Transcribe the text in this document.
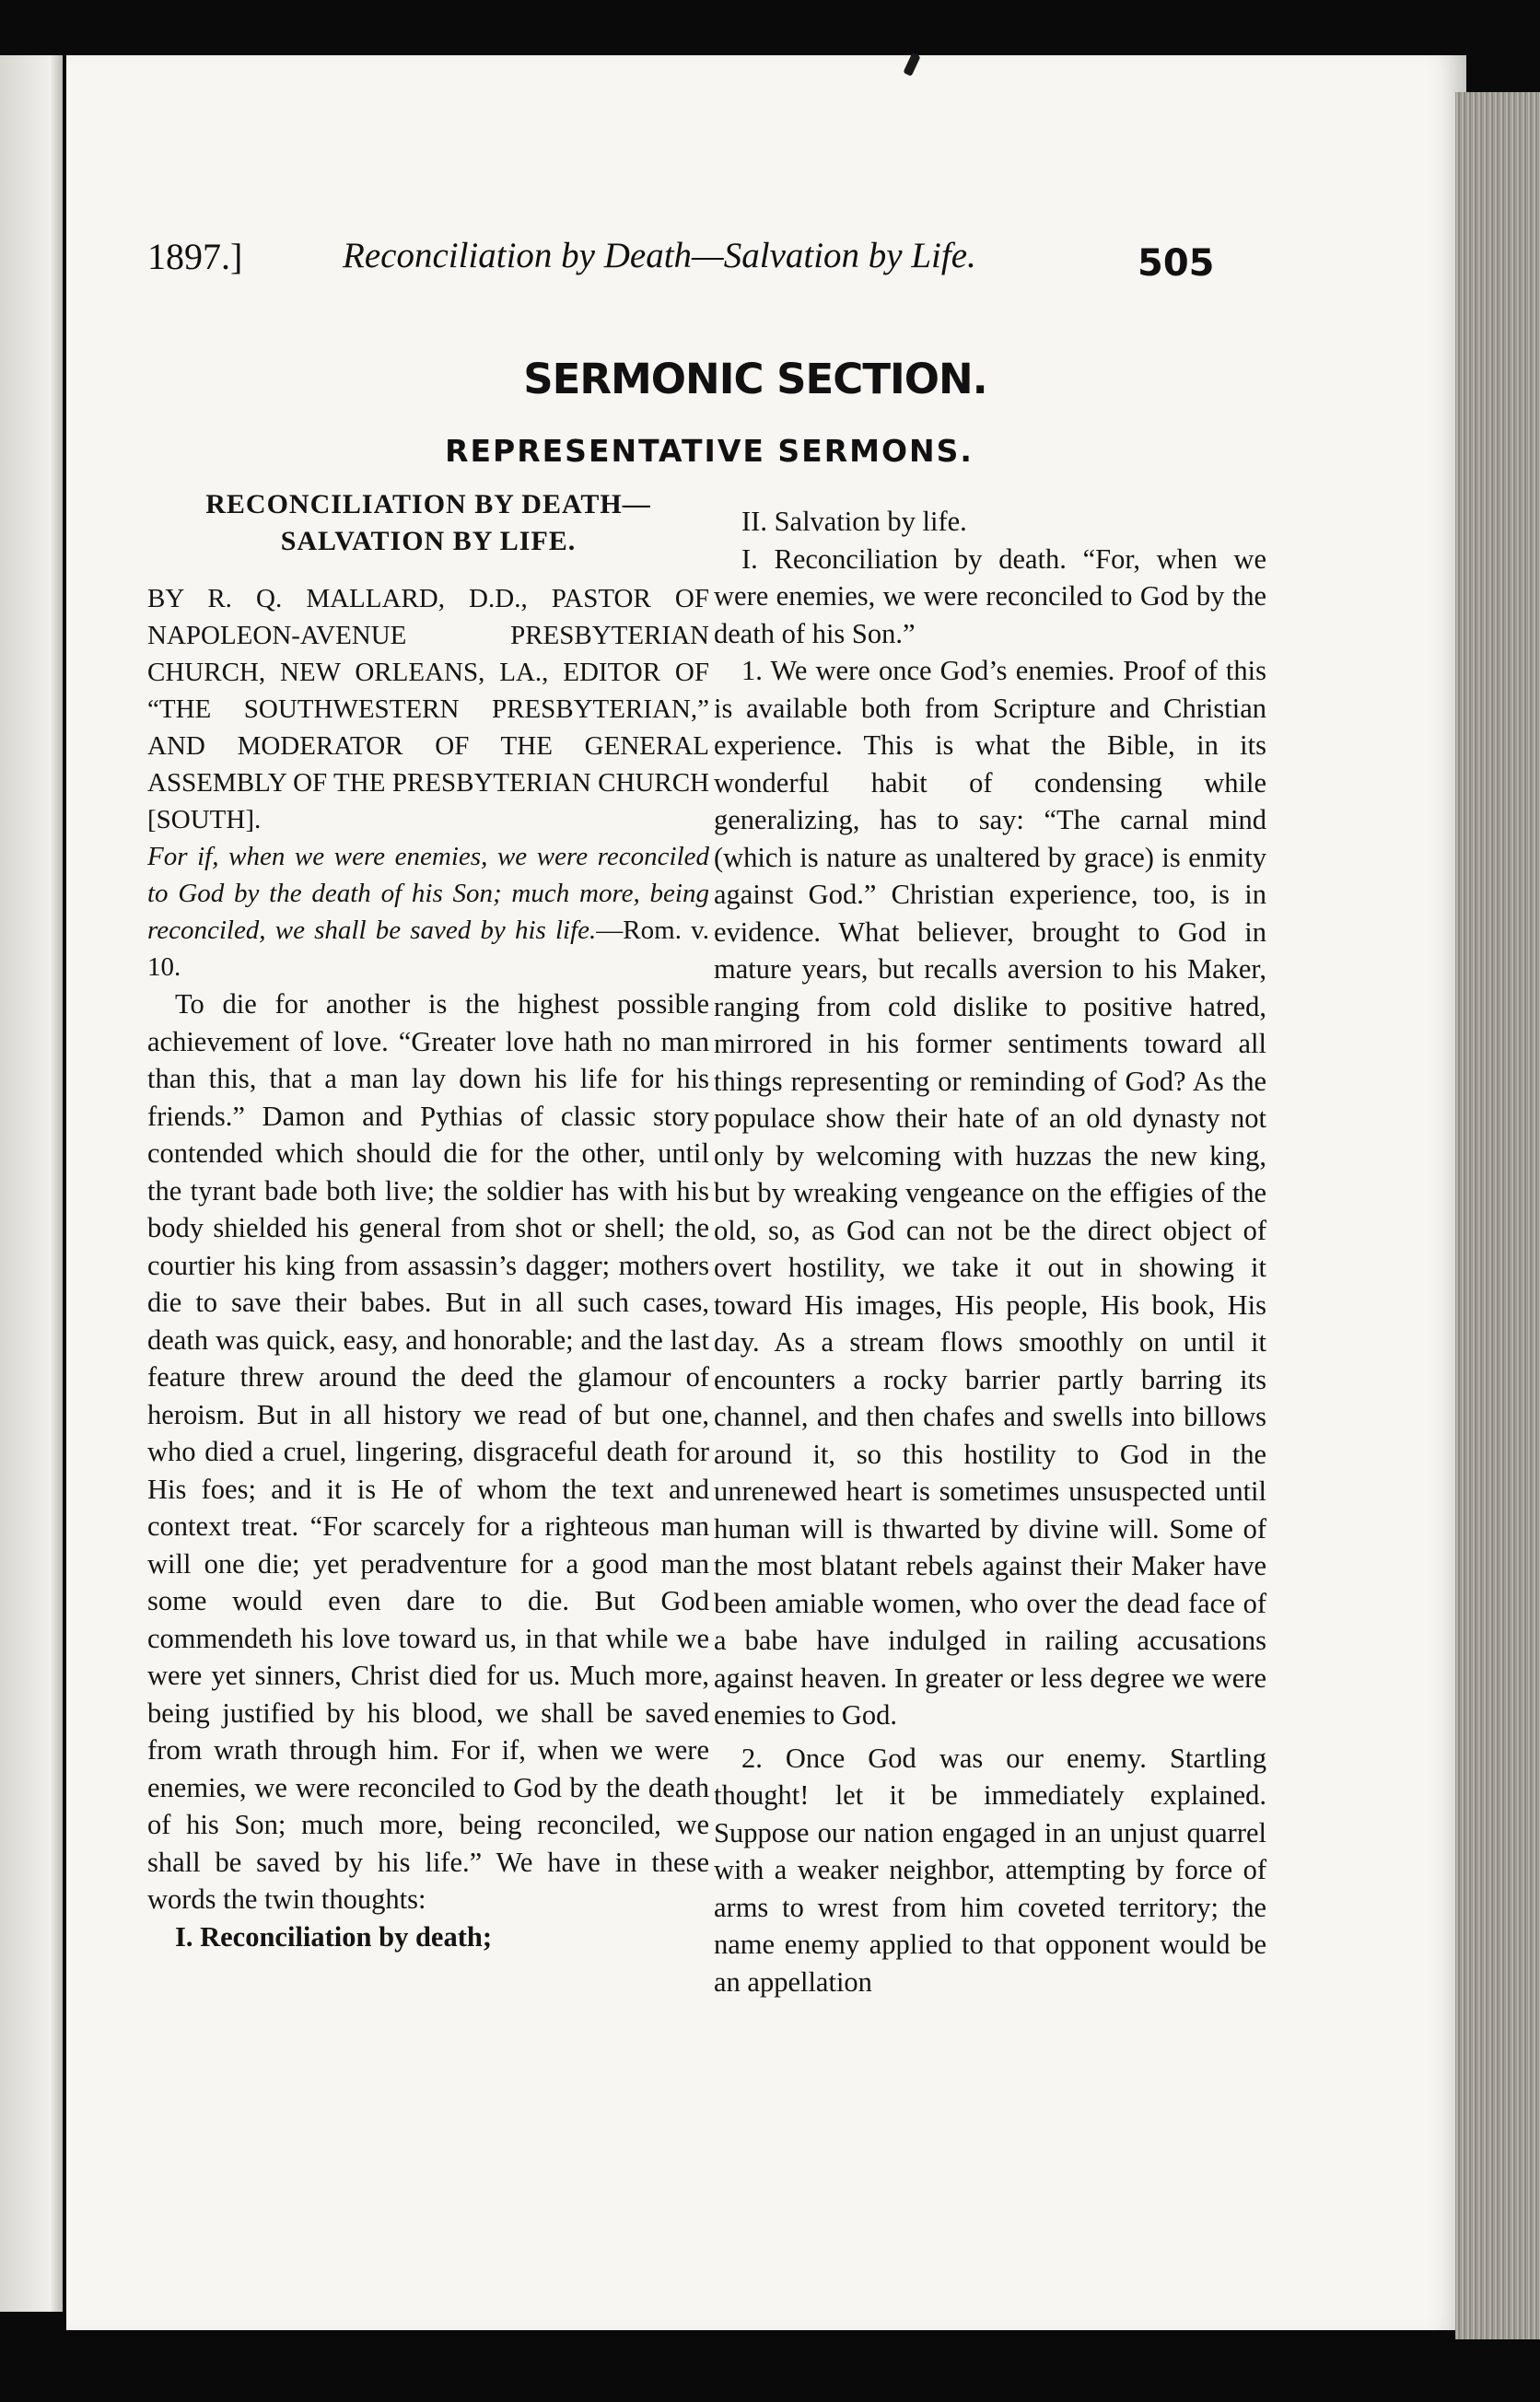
1897.]	Reconciliation by Death—Salvation by Life.	505
SERMONIC SECTION.
REPRESENTATIVE SERMONS.
RECONCILIATION BY DEATH—
SALVATION BY LIFE.

BY R. Q. MALLARD, D.D., PASTOR OF NAPOLEON-AVENUE PRESBYTERIAN CHURCH, NEW ORLEANS, LA., EDITOR OF “THE SOUTHWESTERN PRESBYTERIAN,” AND MODERATOR OF THE GENERAL ASSEMBLY OF THE PRESBYTERIAN CHURCH [SOUTH].

For if, when we were enemies, we were reconciled to God by the death of his Son; much more, being reconciled, we shall be saved by his life.—Rom. v. 10.

To die for another is the highest possible achievement of love. “Greater love hath no man than this, that a man lay down his life for his friends.” Damon and Pythias of classic story contended which should die for the other, until the tyrant bade both live; the soldier has with his body shielded his general from shot or shell; the courtier his king from assassin’s dagger; mothers die to save their babes. But in all such cases, death was quick, easy, and honorable; and the last feature threw around the deed the glamour of heroism. But in all history we read of but one, who died a cruel, lingering, disgraceful death for His foes; and it is He of whom the text and context treat. “For scarcely for a righteous man will one die; yet peradventure for a good man some would even dare to die. But God commendeth his love toward us, in that while we were yet sinners, Christ died for us. Much more, being justified by his blood, we shall be saved from wrath through him. For if, when we were enemies, we were reconciled to God by the death of his Son; much more, being reconciled, we shall be saved by his life.” We have in these words the twin thoughts:

I. Reconciliation by death;

II. Salvation by life.

I. Reconciliation by death. “For, when we were enemies, we were reconciled to God by the death of his Son.”

1. We were once God’s enemies. Proof of this is available both from Scripture and Christian experience. This is what the Bible, in its wonderful habit of condensing while generalizing, has to say: “The carnal mind (which is nature as unaltered by grace) is enmity against God.” Christian experience, too, is in evidence. What believer, brought to God in mature years, but recalls aversion to his Maker, ranging from cold dislike to positive hatred, mirrored in his former sentiments toward all things representing or reminding of God? As the populace show their hate of an old dynasty not only by welcoming with huzzas the new king, but by wreaking vengeance on the effigies of the old, so, as God can not be the direct object of overt hostility, we take it out in showing it toward His images, His people, His book, His day. As a stream flows smoothly on until it encounters a rocky barrier partly barring its channel, and then chafes and swells into billows around it, so this hostility to God in the unrenewed heart is sometimes unsuspected until human will is thwarted by divine will. Some of the most blatant rebels against their Maker have been amiable women, who over the dead face of a babe have indulged in railing accusations against heaven. In greater or less degree we were enemies to God.

2. Once God was our enemy. Startling thought! let it be immediately explained. Suppose our nation engaged in an unjust quarrel with a weaker neighbor, attempting by force of arms to wrest from him coveted territory; the name enemy applied to that opponent would be an appellation
